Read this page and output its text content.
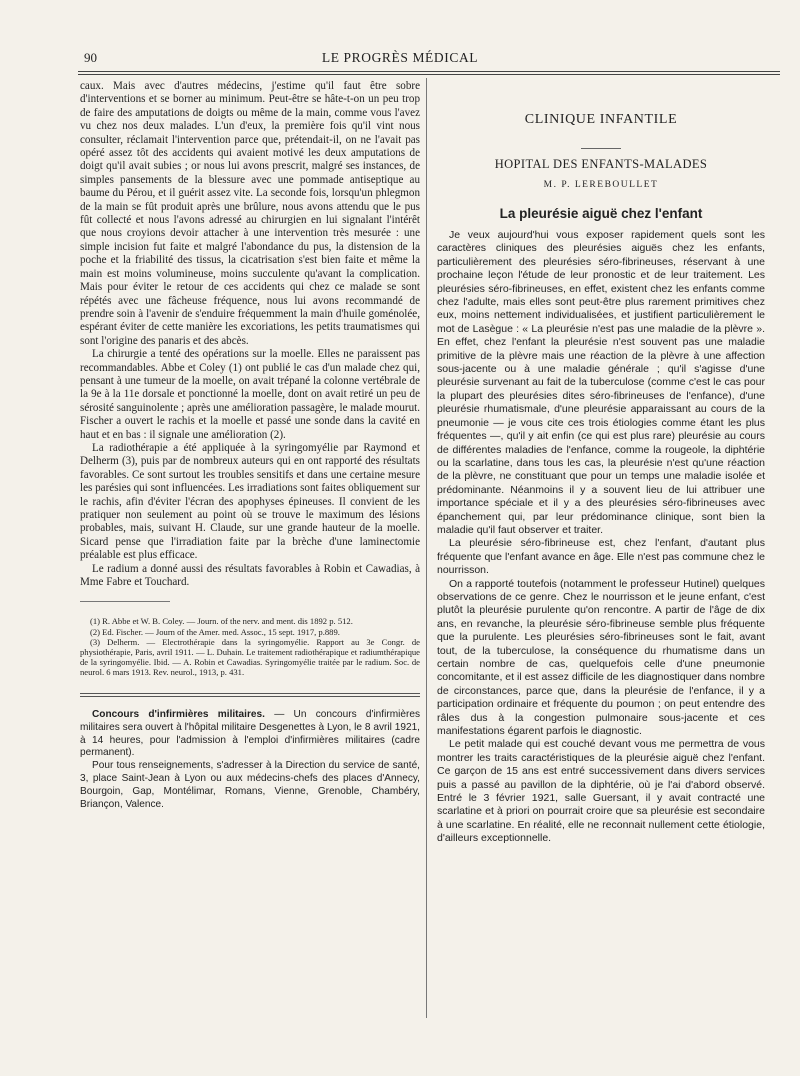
90	LE PROGRÈS MÉDICAL

caux. Mais avec d'autres médecins, j'estime qu'il faut être sobre d'interventions et se borner au minimum. Peut-être se hâte-t-on un peu trop de faire des amputations de doigts ou même de la main, comme vous l'avez vu chez nos deux malades. L'un d'eux, la première fois qu'il vint nous consulter, réclamait l'intervention parce que, prétendait-il, on ne l'avait pas opéré assez tôt des accidents qui avaient motivé les deux amputations de doigt qu'il avait subies ; or nous lui avons prescrit, malgré ses instances, de simples pansements de la blessure avec une pommade antiseptique au baume du Pérou, et il guérit assez vite. La seconde fois, lorsqu'un phlegmon de la main se fût produit après une brûlure, nous avons attendu que le pus fût collecté et nous l'avons adressé au chirurgien en lui signalant l'intérêt que nous croyions devoir attacher à une intervention très mesurée : une simple incision fut faite et malgré l'abondance du pus, la distension de la poche et la friabilité des tissus, la cicatrisation s'est bien faite et même la main est moins volumineuse, moins succulente qu'avant la complication. Mais pour éviter le retour de ces accidents qui chez ce malade se sont répétés avec une fâcheuse fréquence, nous lui avons recommandé de prendre soin à l'avenir de s'enduire fréquemment la main d'huile goménolée, espérant éviter de cette manière les excoriations, les petits traumatismes qui sont l'origine des panaris et des abcès.

La chirurgie a tenté des opérations sur la moelle. Elles ne paraissent pas recommandables. Abbe et Coley (1) ont publié le cas d'un malade chez qui, pensant à une tumeur de la moelle, on avait trépané la colonne vertébrale de la 9e à la 11e dorsale et ponctionné la moelle, dont on avait retiré un peu de sérosité sanguinolente ; après une amélioration passagère, le malade mourut. Fischer a ouvert le rachis et la moelle et passé une sonde dans la cavité en haut et en bas : il signale une amélioration (2).

La radiothérapie a été appliquée à la syringomyélie par Raymond et Delherm (3), puis par de nombreux auteurs qui en ont rapporté des résultats favorables. Ce sont surtout les troubles sensitifs et dans une certaine mesure les parésies qui sont influencées. Les irradiations sont faites obliquement sur le rachis, afin d'éviter l'écran des apophyses épineuses. Il convient de les pratiquer non seulement au point où se trouve le maximum des lésions probables, mais, suivant H. Claude, sur une grande hauteur de la moelle. Sicard pense que l'irradiation faite par la brèche d'une laminectomie préalable est plus efficace.

Le radium a donné aussi des résultats favorables à Robin et Cawadias, à Mme Fabre et Touchard.

(1) R. Abbe et W. B. Coley. — Journ. of the nerv. and ment. dis 1892 p. 512.

(2) Ed. Fischer. — Journ of the Amer. med. Assoc., 15 sept. 1917, p.889.

(3) Delherm. — Electrothérapie dans la syringomyélie. Rapport au 3e Congr. de physiothérapie, Paris, avril 1911. — L. Duhain. Le traitement radiothérapique et radiumthérapique de la syringomyélie. Ibid. — A. Robin et Cawadias. Syringomyélie traitée par le radium. Soc. de neurol. 6 mars 1913. Rev. neurol., 1913, p. 431.

Concours d'infirmières militaires. — Un concours d'infirmières militaires sera ouvert à l'hôpital militaire Desgenettes à Lyon, le 8 avril 1921, à 14 heures, pour l'admission à l'emploi d'infirmières militaires (cadre permanent).

Pour tous renseignements, s'adresser à la Direction du service de santé, 3, place Saint-Jean à Lyon ou aux médecins-chefs des places d'Annecy, Bourgoin, Gap, Montélimar, Romans, Vienne, Grenoble, Chambéry, Briançon, Valence.

CLINIQUE INFANTILE
HOPITAL DES ENFANTS-MALADES
M. P. LEREBOULLET
La pleurésie aiguë chez l'enfant

Je veux aujourd'hui vous exposer rapidement quels sont les caractères cliniques des pleurésies aiguës chez les enfants, particulièrement des pleurésies séro-fibrineuses, réservant à une prochaine leçon l'étude de leur pronostic et de leur traitement. Les pleurésies séro-fibrineuses, en effet, existent chez les enfants comme chez l'adulte, mais elles sont peut-être plus rarement primitives chez eux, moins nettement individualisées, et justifient particulièrement le mot de Lasègue : « La pleurésie n'est pas une maladie de la plèvre ». En effet, chez l'enfant la pleurésie n'est souvent pas une maladie primitive de la plèvre mais une réaction de la plèvre à une affection sous-jacente ou à une maladie générale ; qu'il s'agisse d'une pleurésie survenant au fait de la tuberculose (comme c'est le cas pour la plupart des pleurésies dites séro-fibrineuses de l'enfance), d'une pleurésie rhumatismale, d'une pleurésie apparaissant au cours de la pneumonie — je vous cite ces trois étiologies comme étant les plus fréquentes —, qu'il y ait enfin (ce qui est plus rare) pleurésie au cours de différentes maladies de l'enfance, comme la rougeole, la diphtérie ou la scarlatine, dans tous les cas, la pleurésie n'est qu'une réaction de la plèvre, ne constituant que pour un temps une maladie isolée et prédominante. Néanmoins il y a souvent lieu de lui attribuer une importance spéciale et il y a des pleurésies séro-fibrineuses avec épanchement qui, par leur prédominance clinique, sont bien la maladie qu'il faut observer et traiter.

La pleurésie séro-fibrineuse est, chez l'enfant, d'autant plus fréquente que l'enfant avance en âge. Elle n'est pas commune chez le nourrisson.

On a rapporté toutefois (notamment le professeur Hutinel) quelques observations de ce genre. Chez le nourrisson et le jeune enfant, c'est plutôt la pleurésie purulente qu'on rencontre. A partir de l'âge de dix ans, en revanche, la pleurésie séro-fibrineuse semble plus fréquente que la purulente. Les pleurésies séro-fibrineuses sont le fait, avant tout, de la tuberculose, la conséquence du rhumatisme dans un certain nombre de cas, quelquefois celle d'une pneumonie concomitante, et il est assez difficile de les diagnostiquer dans nombre de circonstances, parce que, dans la pleurésie de l'enfance, il y a participation ordinaire et fréquente du poumon ; on peut entendre des râles dus à la congestion pulmonaire sous-jacente et ces manifestations égarent parfois le diagnostic.

Le petit malade qui est couché devant vous me permettra de vous montrer les traits caractéristiques de la pleurésie aiguë chez l'enfant. Ce garçon de 15 ans est entré successivement dans divers services puis a passé au pavillon de la diphtérie, où je l'ai d'abord observé. Entré le 3 février 1921, salle Guersant, il y avait contracté une scarlatine et à priori on pourrait croire que sa pleurésie est secondaire à une scarlatine. En réalité, elle ne reconnait nullement cette étiologie, d'ailleurs exceptionnelle.
